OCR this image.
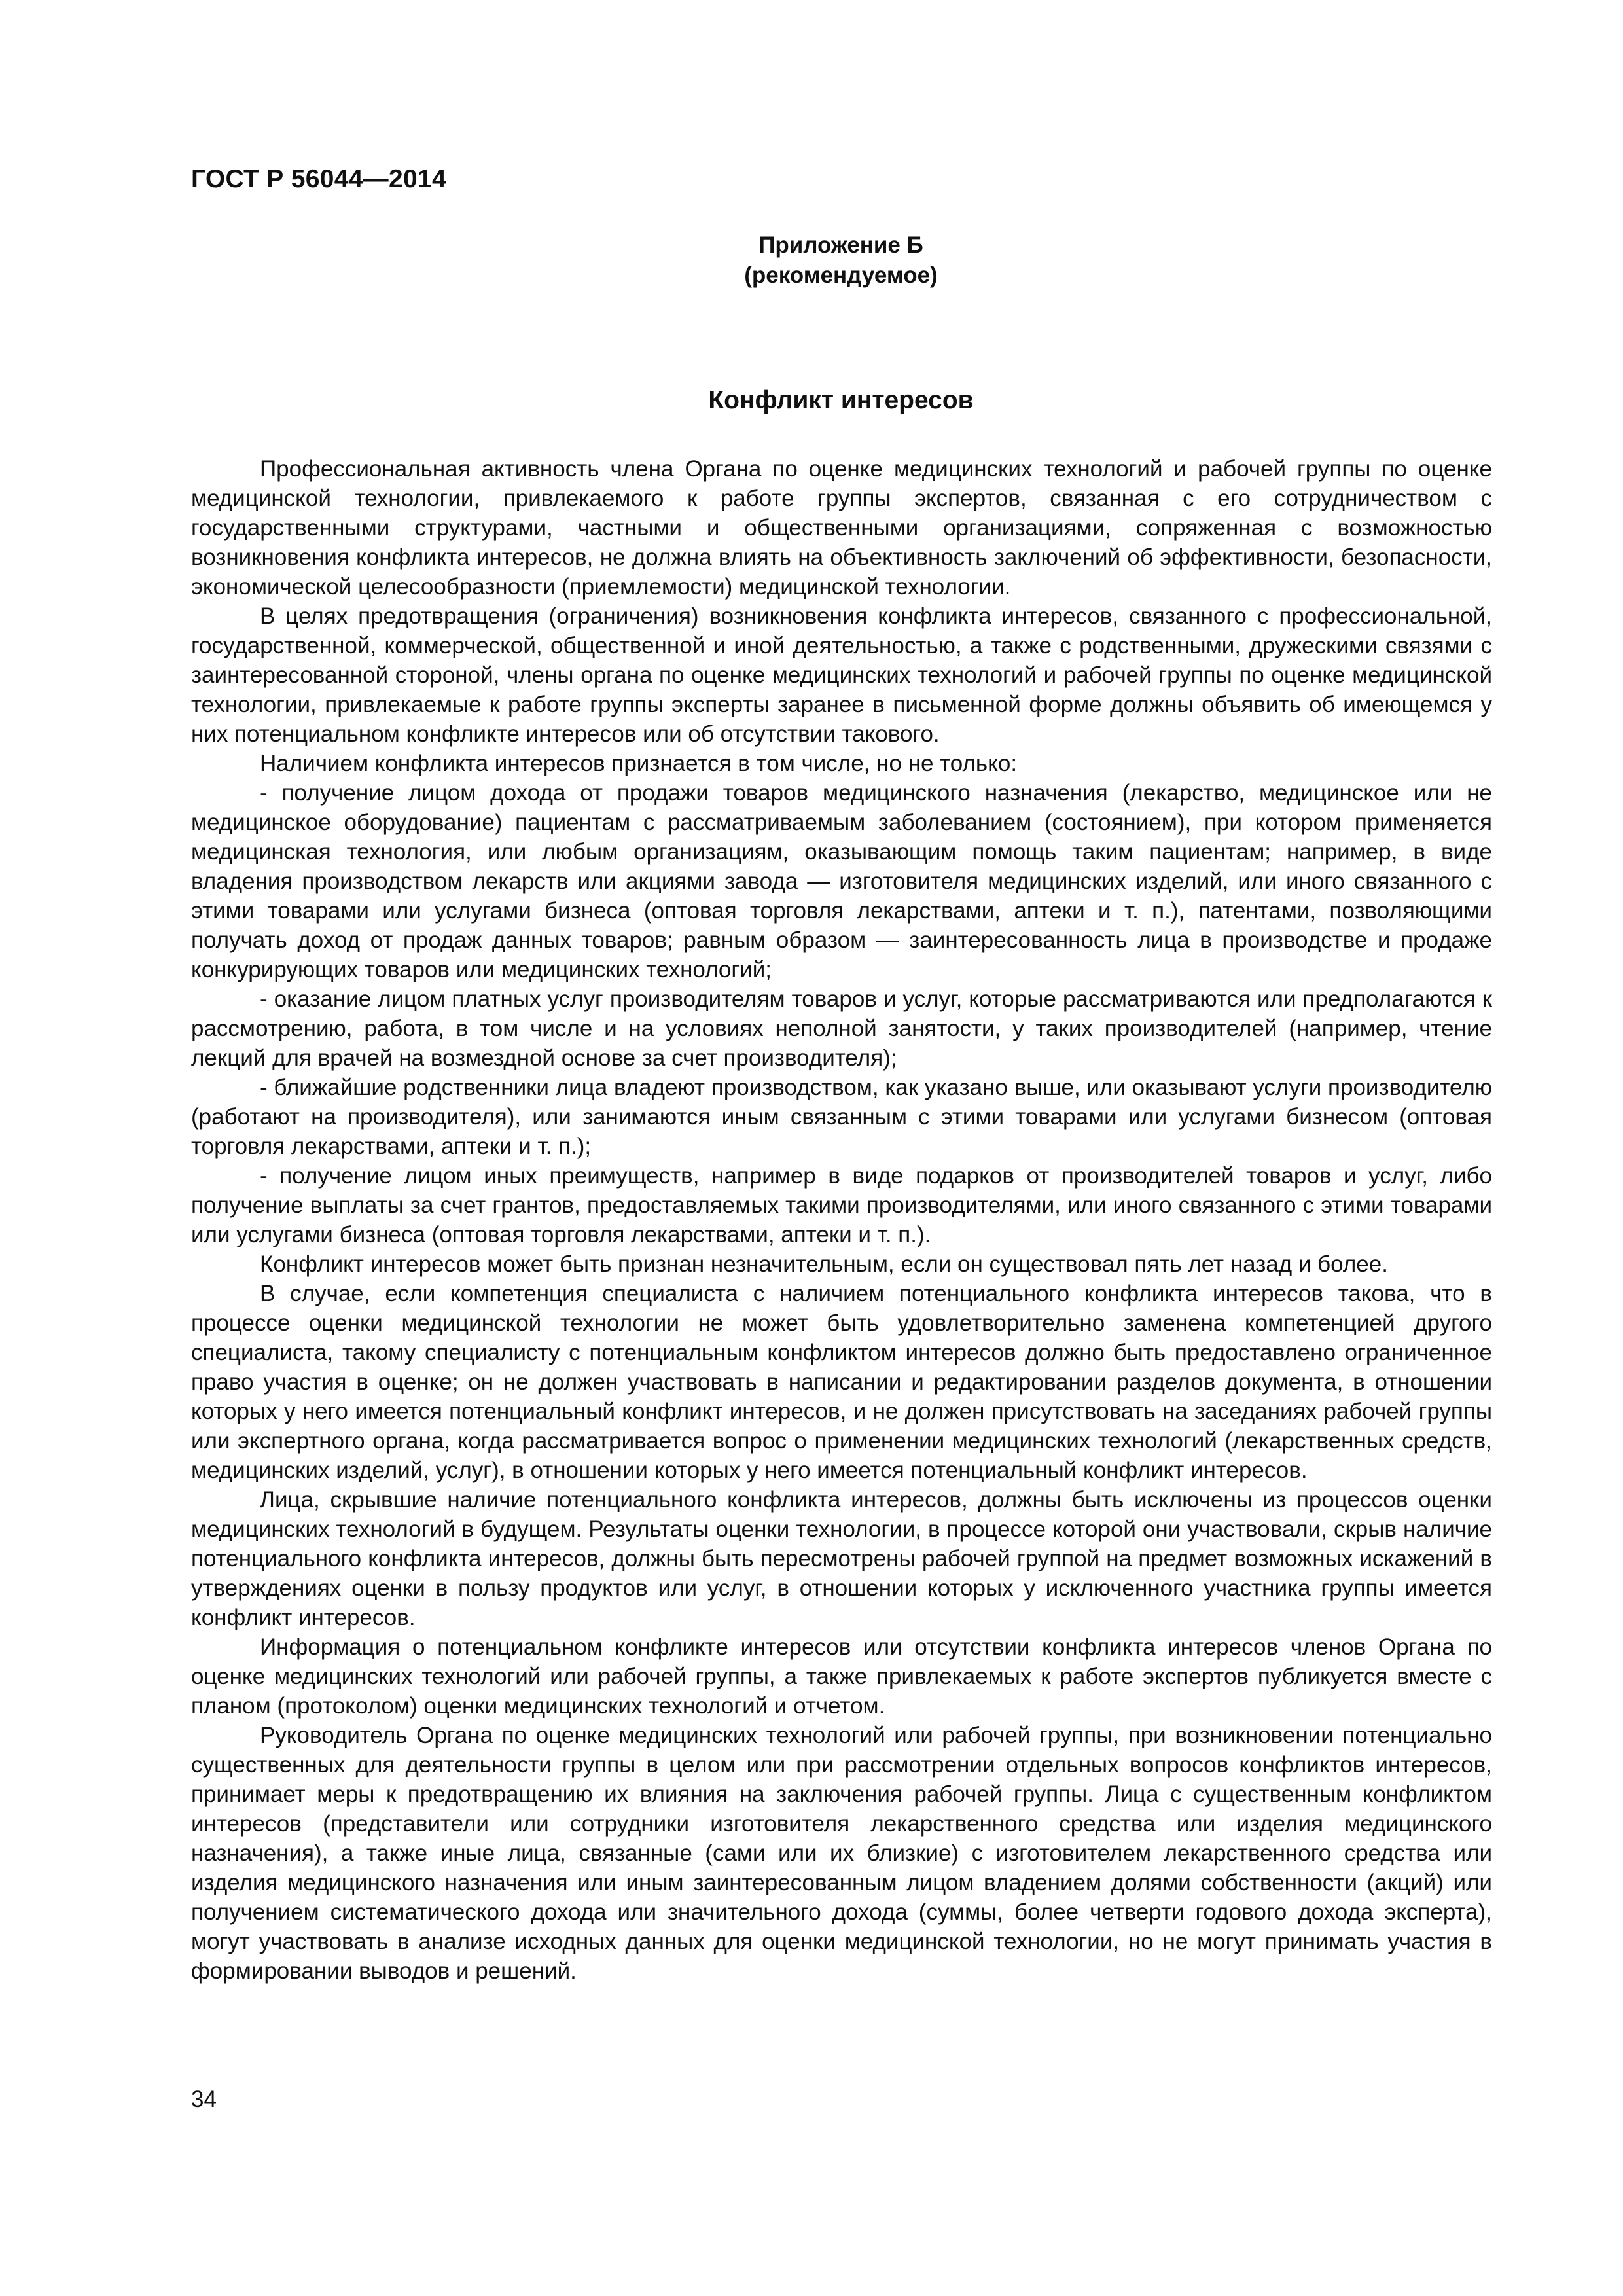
ГОСТ Р 56044—2014
Приложение Б
(рекомендуемое)
Конфликт интересов

Профессиональная активность члена Органа по оценке медицинских технологий и рабочей группы по оценке медицинской технологии, привлекаемого к работе группы экспертов, связанная с его сотрудничеством с государственными структурами, частными и общественными организациями, сопряженная с возможностью возникновения конфликта интересов, не должна влиять на объективность заключений об эффективности, безопасности, экономической целесообразности (приемлемости) медицинской технологии.

В целях предотвращения (ограничения) возникновения конфликта интересов, связанного с профессиональной, государственной, коммерческой, общественной и иной деятельностью, а также с родственными, дружескими связями с заинтересованной стороной, члены органа по оценке медицинских технологий и рабочей группы по оценке медицинской технологии, привлекаемые к работе группы эксперты заранее в письменной форме должны объявить об имеющемся у них потенциальном конфликте интересов или об отсутствии такового.

Наличием конфликта интересов признается в том числе, но не только:

- получение лицом дохода от продажи товаров медицинского назначения (лекарство, медицинское или не медицинское оборудование) пациентам с рассматриваемым заболеванием (состоянием), при котором применяется медицинская технология, или любым организациям, оказывающим помощь таким пациентам; например, в виде владения производством лекарств или акциями завода — изготовителя медицинских изделий, или иного связанного с этими товарами или услугами бизнеса (оптовая торговля лекарствами, аптеки и т. п.), патентами, позволяющими получать доход от продаж данных товаров; равным образом — заинтересованность лица в производстве и продаже конкурирующих товаров или медицинских технологий;

- оказание лицом платных услуг производителям товаров и услуг, которые рассматриваются или предполагаются к рассмотрению, работа, в том числе и на условиях неполной занятости, у таких производителей (например, чтение лекций для врачей на возмездной основе за счет производителя);

- ближайшие родственники лица владеют производством, как указано выше, или оказывают услуги производителю (работают на производителя), или занимаются иным связанным с этими товарами или услугами бизнесом (оптовая торговля лекарствами, аптеки и т. п.);

- получение лицом иных преимуществ, например в виде подарков от производителей товаров и услуг, либо получение выплаты за счет грантов, предоставляемых такими производителями, или иного связанного с этими товарами или услугами бизнеса (оптовая торговля лекарствами, аптеки и т. п.).

Конфликт интересов может быть признан незначительным, если он существовал пять лет назад и более.

В случае, если компетенция специалиста с наличием потенциального конфликта интересов такова, что в процессе оценки медицинской технологии не может быть удовлетворительно заменена компетенцией другого специалиста, такому специалисту с потенциальным конфликтом интересов должно быть предоставлено ограниченное право участия в оценке; он не должен участвовать в написании и редактировании разделов документа, в отношении которых у него имеется потенциальный конфликт интересов, и не должен присутствовать на заседаниях рабочей группы или экспертного органа, когда рассматривается вопрос о применении медицинских технологий (лекарственных средств, медицинских изделий, услуг), в отношении которых у него имеется потенциальный конфликт интересов.

Лица, скрывшие наличие потенциального конфликта интересов, должны быть исключены из процессов оценки медицинских технологий в будущем. Результаты оценки технологии, в процессе которой они участвовали, скрыв наличие потенциального конфликта интересов, должны быть пересмотрены рабочей группой на предмет возможных искажений в утверждениях оценки в пользу продуктов или услуг, в отношении которых у исключенного участника группы имеется конфликт интересов.

Информация о потенциальном конфликте интересов или отсутствии конфликта интересов членов Органа по оценке медицинских технологий или рабочей группы, а также привлекаемых к работе экспертов публикуется вместе с планом (протоколом) оценки медицинских технологий и отчетом.

Руководитель Органа по оценке медицинских технологий или рабочей группы, при возникновении потенциально существенных для деятельности группы в целом или при рассмотрении отдельных вопросов конфликтов интересов, принимает меры к предотвращению их влияния на заключения рабочей группы. Лица с существенным конфликтом интересов (представители или сотрудники изготовителя лекарственного средства или изделия медицинского назначения), а также иные лица, связанные (сами или их близкие) с изготовителем лекарственного средства или изделия медицинского назначения или иным заинтересованным лицом владением долями собственности (акций) или получением систематического дохода или значительного дохода (суммы, более четверти годового дохода эксперта), могут участвовать в анализе исходных данных для оценки медицинской технологии, но не могут принимать участия в формировании выводов и решений.

34
